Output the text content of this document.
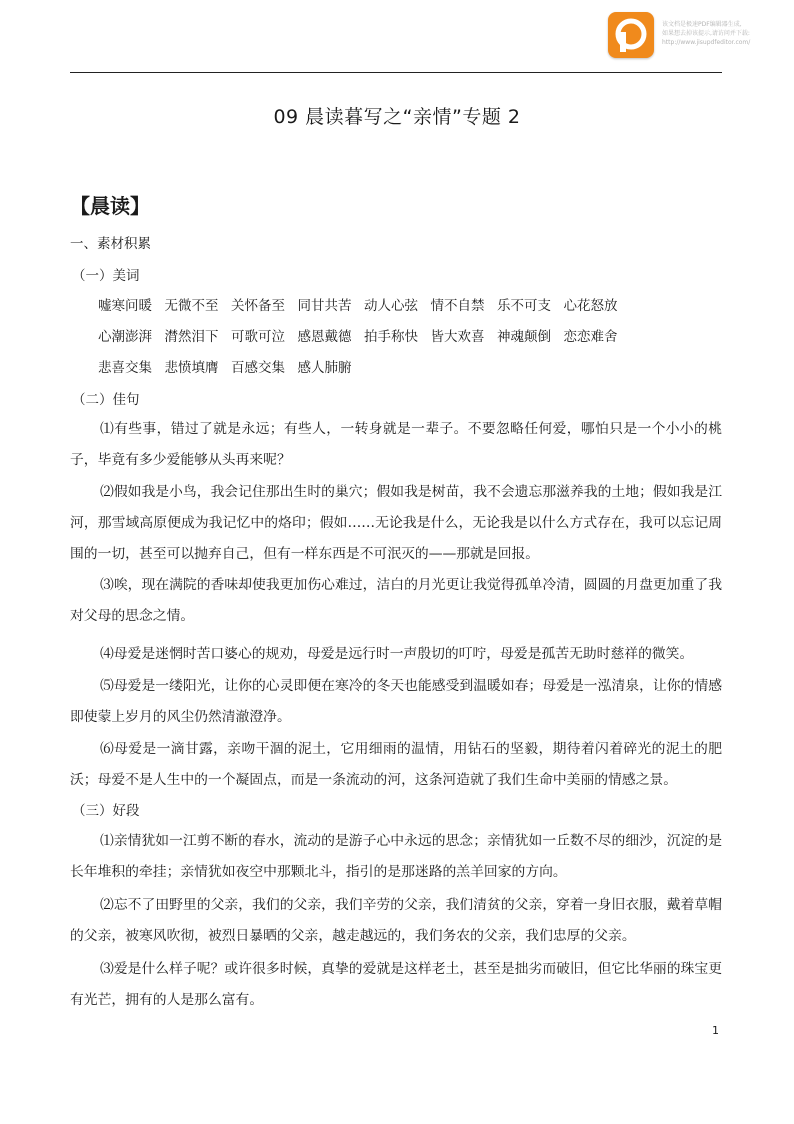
该文档是极速PDF编辑器生成,
如果想去掉该提示,请访问并下载:
http://www.jisupdfeditor.com/
09 晨读暮写之“亲情”专题 2
【晨读】
一、素材积累
（一）美词
嘘寒问暖 无微不至 关怀备至 同甘共苦 动人心弦 情不自禁 乐不可支 心花怒放
心潮澎湃 潸然泪下 可歌可泣 感恩戴德 拍手称快 皆大欢喜 神魂颠倒 恋恋难舍
悲喜交集 悲愤填膺 百感交集 感人肺腑
（二）佳句
⑴有些事，错过了就是永远；有些人，一转身就是一辈子。不要忽略任何爱，哪怕只是一个小小的桃子，毕竟有多少爱能够从头再来呢？
⑵假如我是小鸟，我会记住那出生时的巢穴；假如我是树苗，我不会遗忘那滋养我的土地；假如我是江河，那雪域高原便成为我记忆中的烙印；假如……无论我是什么，无论我是以什么方式存在，我可以忘记周围的一切，甚至可以抛弃自己，但有一样东西是不可泯灭的——那就是回报。
⑶唉，现在满院的香味却使我更加伤心难过，洁白的月光更让我觉得孤单冷清，圆圆的月盘更加重了我对父母的思念之情。
⑷母爱是迷惘时苦口婆心的规劝，母爱是远行时一声殷切的叮咛，母爱是孤苦无助时慈祥的微笑。
⑸母爱是一缕阳光，让你的心灵即便在寒冷的冬天也能感受到温暖如春；母爱是一泓清泉，让你的情感即使蒙上岁月的风尘仍然清澈澄净。
⑹母爱是一滴甘露，亲吻干涸的泥土，它用细雨的温情，用钻石的坚毅，期待着闪着碎光的泥土的肥沃；母爱不是人生中的一个凝固点，而是一条流动的河，这条河造就了我们生命中美丽的情感之景。
（三）好段
⑴亲情犹如一江剪不断的春水，流动的是游子心中永远的思念；亲情犹如一丘数不尽的细沙，沉淀的是长年堆积的牵挂；亲情犹如夜空中那颗北斗，指引的是那迷路的羔羊回家的方向。
⑵忘不了田野里的父亲，我们的父亲，我们辛劳的父亲，我们清贫的父亲，穿着一身旧衣服，戴着草帽的父亲，被寒风吹彻，被烈日暴晒的父亲，越走越远的，我们务农的父亲，我们忠厚的父亲。
⑶爱是什么样子呢？或许很多时候，真挚的爱就是这样老土，甚至是拙劣而破旧，但它比华丽的珠宝更有光芒，拥有的人是那么富有。
1
